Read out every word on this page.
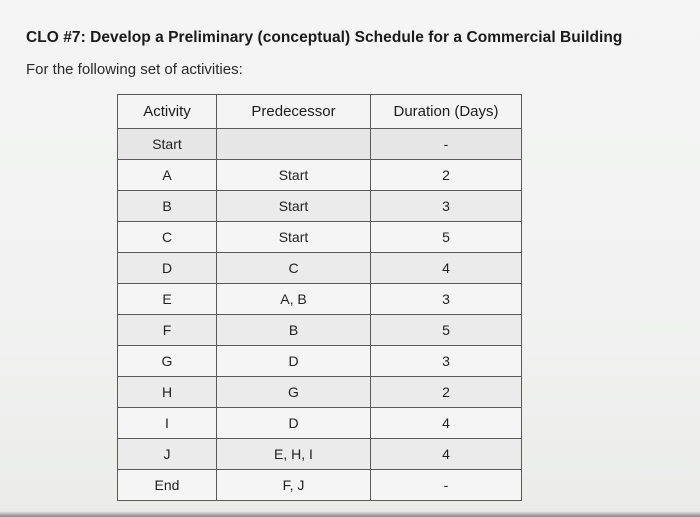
CLO #7: Develop a Preliminary (conceptual) Schedule for a Commercial Building
For the following set of activities:
Activity	Predecessor	Duration (Days)
Start		-
A	Start	2
B	Start	3
C	Start	5
D	C	4
E	A, B	3
F	B	5
G	D	3
H	G	2
I	D	4
J	E, H, I	4
End	F, J	-
